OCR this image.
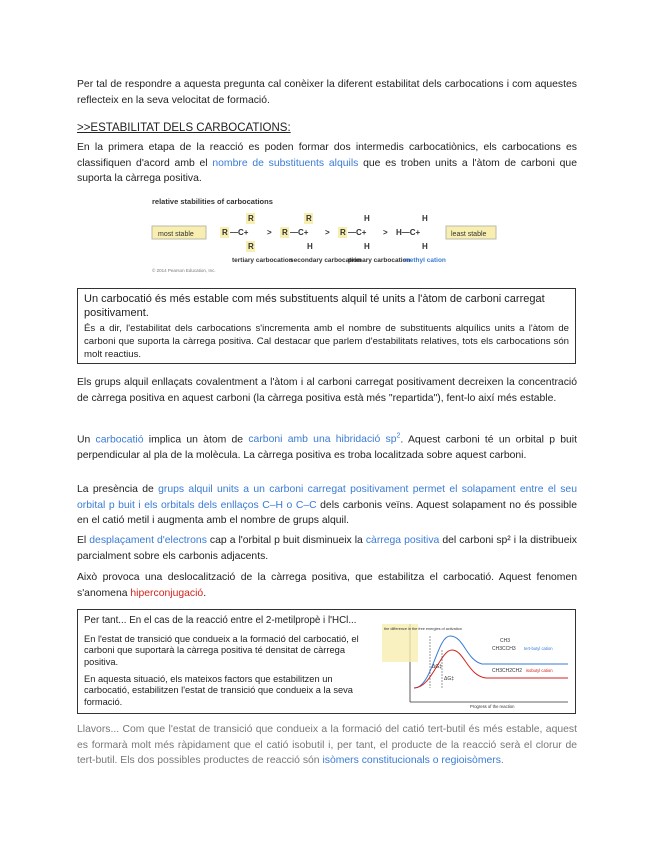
Per tal de respondre a aquesta pregunta cal conèixer la diferent estabilitat dels carbocations i com aquestes reflecteix en la seva velocitat de formació.

>>ESTABILITAT DELS CARBOCATIONS:

En la primera etapa de la reacció es poden formar dos intermedis carbocatiònics, els carbocations es classifiquen d'acord amb el nombre de substituents alquils que es troben units a l'àtom de carboni que suporta la càrrega positiva.

relative stabilities of carbocations
most stable
R
R
R —C+ > R
R
H
—C+ > R
H
H
—C+ > H—C+
H
H
least stable
tertiary carbocation
secondary carbocation
primary carbocation
methyl cation
© 2014 Pearson Education, Inc.

Un carbocatió és més estable com més substituents alquil té units a l'àtom de carboni carregat positivament.

És a dir, l'estabilitat dels carbocations s'incrementa amb el nombre de substituents alquílics units a l'àtom de carboni que suporta la càrrega positiva. Cal destacar que parlem d'estabilitats relatives, tots els carbocations són molt reactius.

Els grups alquil enllaçats covalentment a l'àtom i al carboni carregat positivament decreixen la concentració de càrrega positiva en aquest carboni (la càrrega positiva està més "repartida"), fent-lo així més estable.

Un carbocatió implica un àtom de carboni amb una hibridació $sp^2$. Aquest carboni té un orbital p buit perpendicular al pla de la molècula. La càrrega positiva es troba localitzada sobre aquest carboni.

La presència de grups alquil units a un carboni carregat positivament permet el solapament entre el seu orbital p buit i els orbitals dels enllaços C–H o C–C dels carbonis veïns. Aquest solapament no és possible en el catió metil i augmenta amb el nombre de grups alquil.

El desplaçament d'electrons cap a l'orbital p buit disminueix la càrrega positiva del carboni sp² i la distribueix parcialment sobre els carbonis adjacents.

Això provoca una deslocalització de la càrrega positiva, que estabilitza el carbocatió. Aquest fenomen s'anomena hiperconjugació.

Per tant... En el cas de la reacció entre el 2-metilpropè i l'HCl...

En l'estat de transició que condueix a la formació del carbocatió, el carboni que suportarà la càrrega positiva té densitat de càrrega positiva.

En aquesta situació, els mateixos factors que estabilitzen un carbocatió, estabilitzen l'estat de transició que condueix a la seva formació.

the difference in the free energies of activation
ΔG‡
ΔG‡
CH3
CH3CCH3 tert-butyl cation
CH3CH2CH2 isobutyl cation
Progress of the reaction

Llavors... Com que l'estat de transició que condueix a la formació del catió tert-butil és més estable, aquest es formarà molt més ràpidament que el catió isobutil i, per tant, el producte de la reacció serà el clorur de tert-butil. Els dos possibles productes de reacció són isòmers constitucionals o regioisòmers.
